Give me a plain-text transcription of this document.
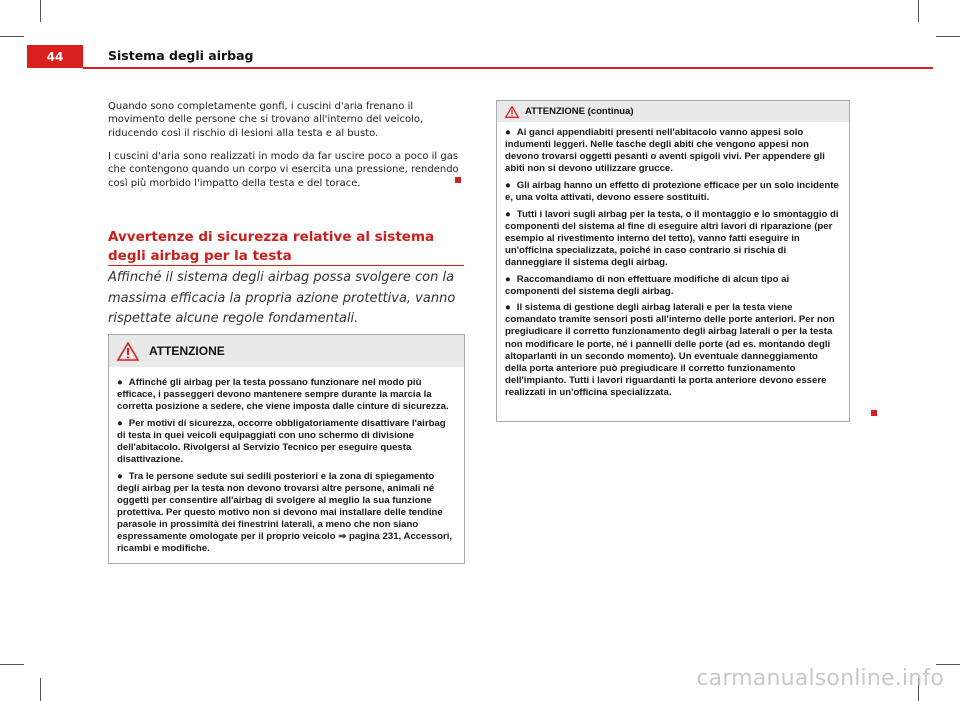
44	Sistema degli airbag

Quando sono completamente gonfi, i cuscini d'aria frenano il movimento delle persone che si trovano all'interno del veicolo, riducendo così il rischio di lesioni alla testa e al busto.

I cuscini d'aria sono realizzati in modo da far uscire poco a poco il gas che contengono quando un corpo vi esercita una pressione, rendendo così più morbido l'impatto della testa e del torace.

Avvertenze di sicurezza relative al sistema degli airbag per la testa

Affinché il sistema degli airbag possa svolgere con la massima efficacia la propria azione protettiva, vanno rispettate alcune regole fondamentali.

ATTENZIONE

● Affinché gli airbag per la testa possano funzionare nel modo più efficace, i passeggeri devono mantenere sempre durante la marcia la corretta posizione a sedere, che viene imposta dalle cinture di sicurezza.

● Per motivi di sicurezza, occorre obbligatoriamente disattivare l'airbag di testa in quei veicoli equipaggiati con uno schermo di divisione dell'abitacolo. Rivolgersi al Servizio Tecnico per eseguire questa disattivazione.

● Tra le persone sedute sui sedili posteriori e la zona di spiegamento degli airbag per la testa non devono trovarsi altre persone, animali né oggetti per consentire all'airbag di svolgere al meglio la sua funzione protettiva. Per questo motivo non si devono mai installare delle tendine parasole in prossimità dei finestrini laterali, a meno che non siano espressamente omologate per il proprio veicolo ⇒ pagina 231, Accessori, ricambi e modifiche.

ATTENZIONE (continua)

● Ai ganci appendiabiti presenti nell'abitacolo vanno appesi solo indumenti leggeri. Nelle tasche degli abiti che vengono appesi non devono trovarsi oggetti pesanti o aventi spigoli vivi. Per appendere gli abiti non si devono utilizzare grucce.

● Gli airbag hanno un effetto di protezione efficace per un solo incidente e, una volta attivati, devono essere sostituiti.

● Tutti i lavori sugli airbag per la testa, o il montaggio e lo smontaggio di componenti del sistema al fine di eseguire altri lavori di riparazione (per esempio al rivestimento interno del tetto), vanno fatti eseguire in un'officina specializzata, poiché in caso contrario si rischia di danneggiare il sistema degli airbag.

● Raccomandiamo di non effettuare modifiche di alcun tipo ai componenti del sistema degli airbag.

● Il sistema di gestione degli airbag laterali e per la testa viene comandato tramite sensori posti all'interno delle porte anteriori. Per non pregiudicare il corretto funzionamento degli airbag laterali o per la testa non modificare le porte, né i pannelli delle porte (ad es. montando degli altoparlanti in un secondo momento). Un eventuale danneggiamento della porta anteriore può pregiudicare il corretto funzionamento dell'impianto. Tutti i lavori riguardanti la porta anteriore devono essere realizzati in un'officina specializzata.

carmanualsonline.info
